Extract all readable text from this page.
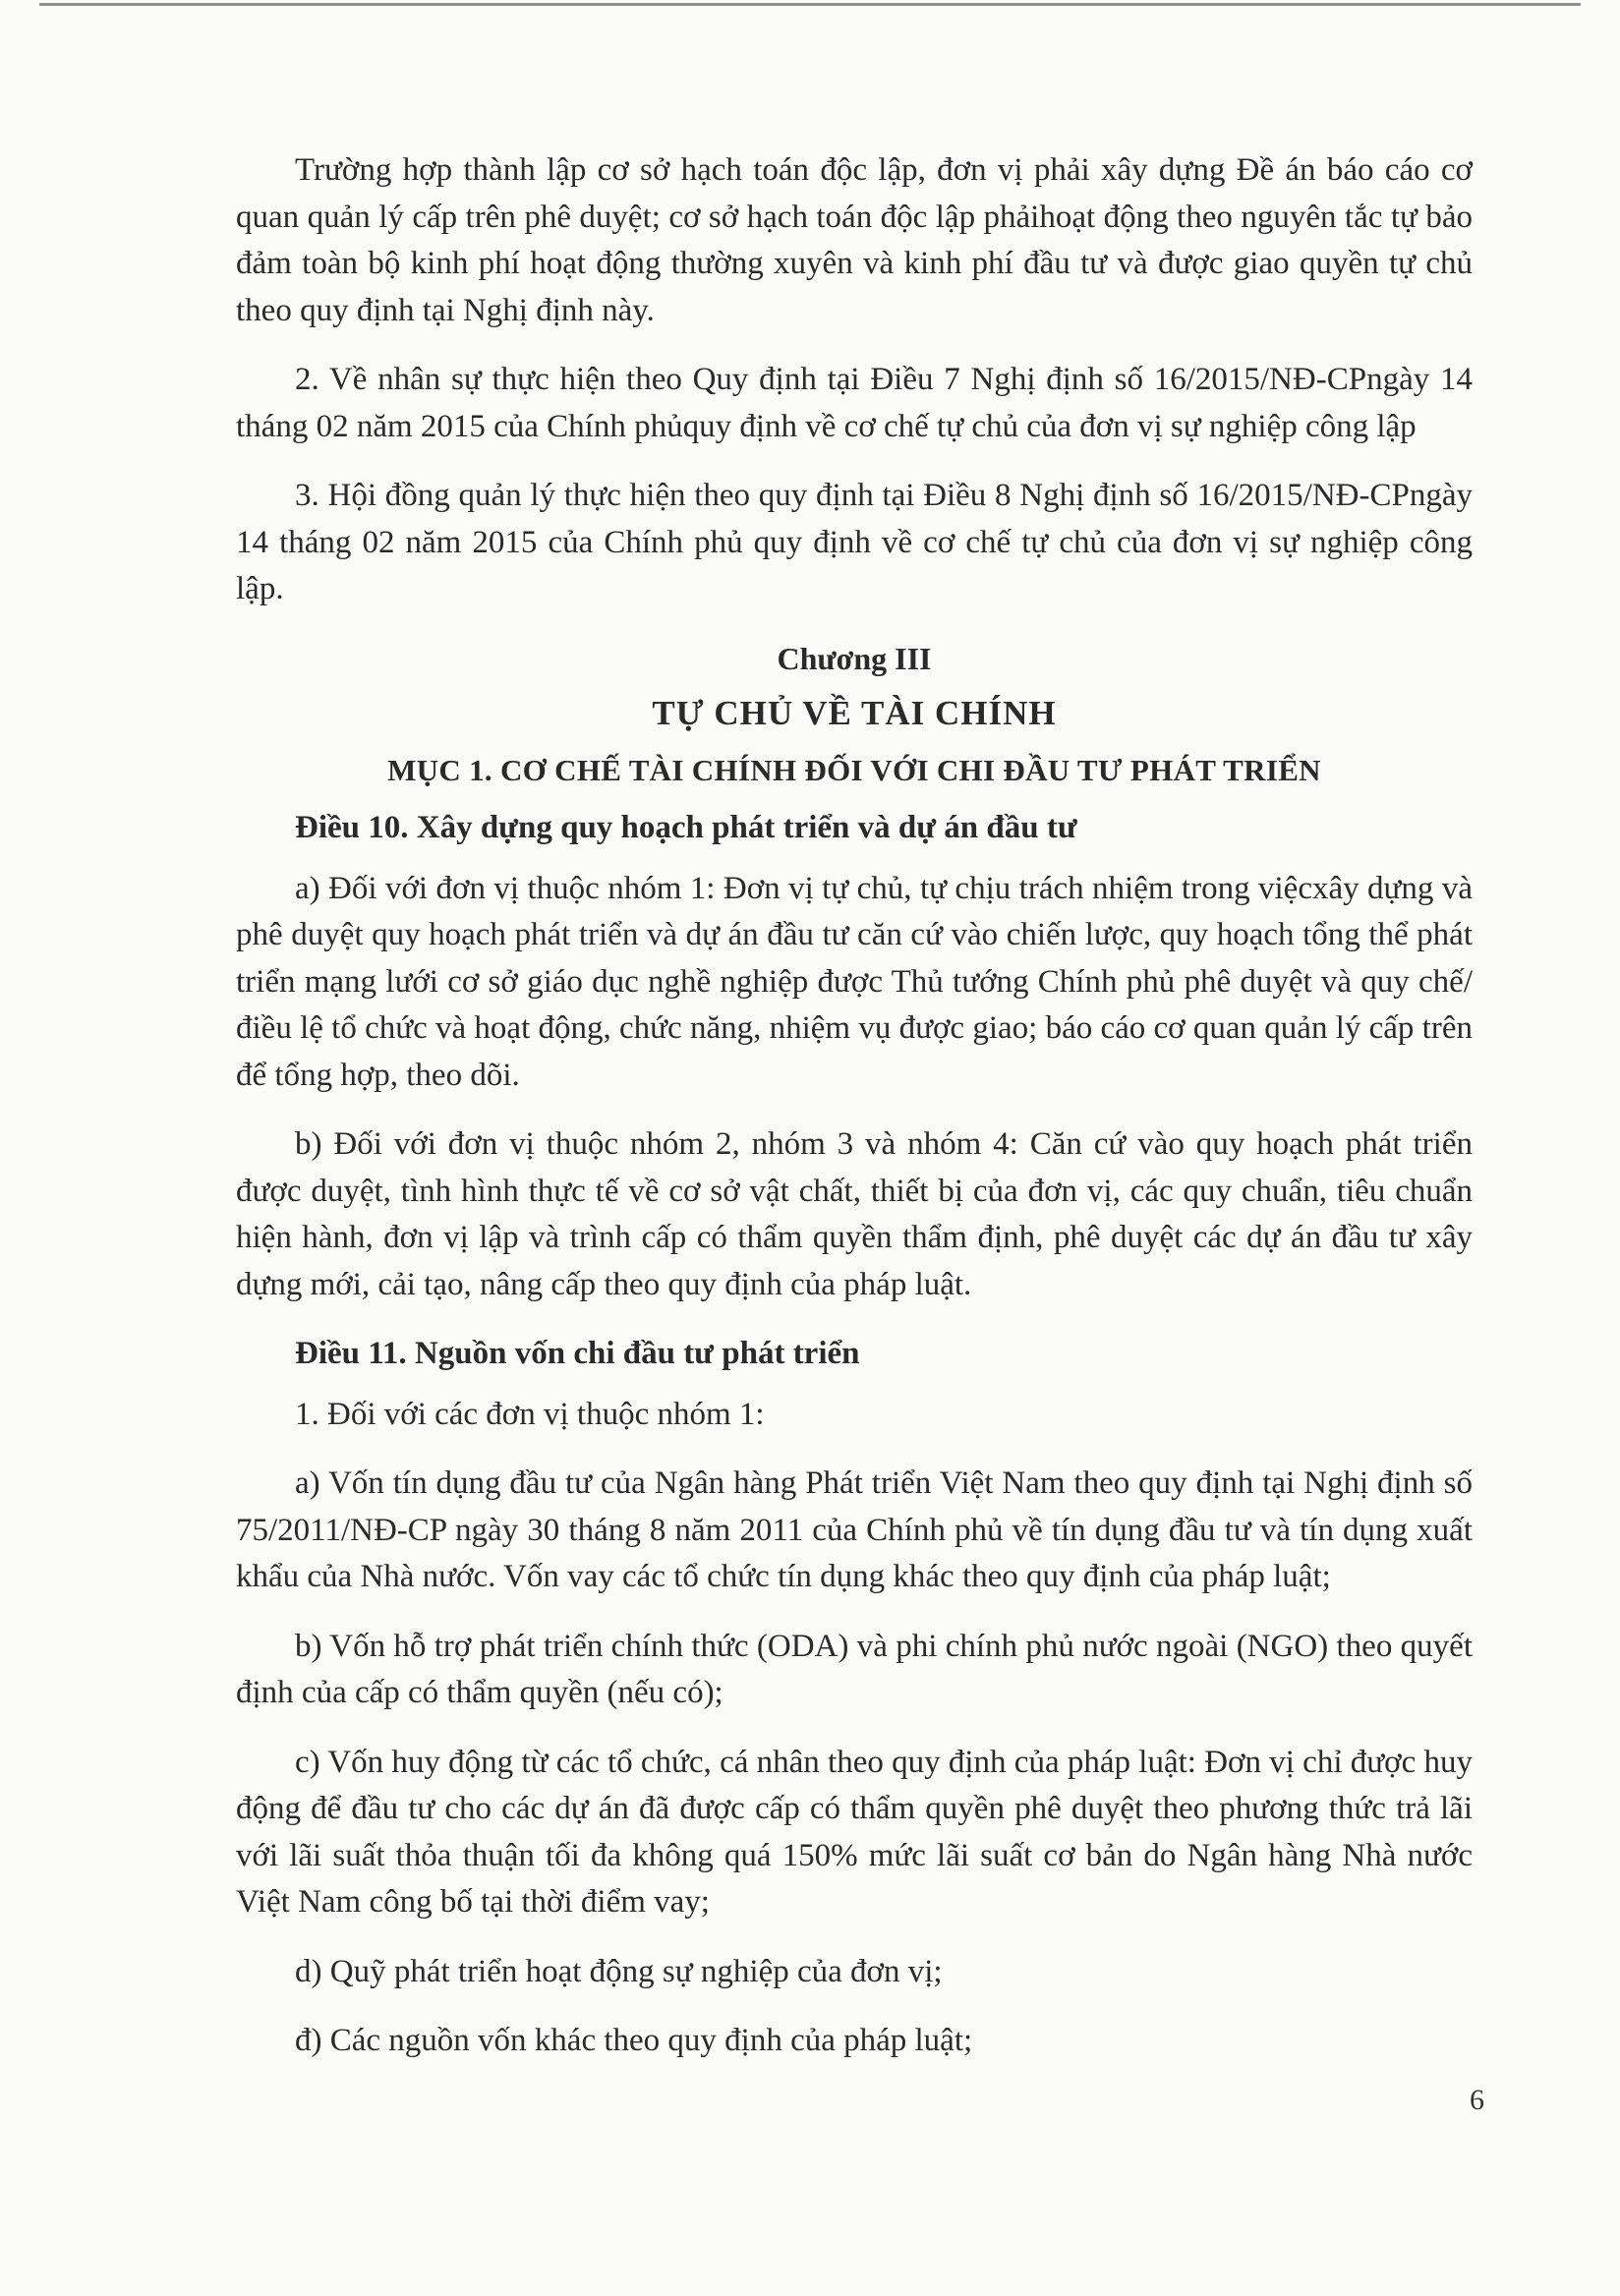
Trường hợp thành lập cơ sở hạch toán độc lập, đơn vị phải xây dựng Đề án báo cáo cơ quan quản lý cấp trên phê duyệt; cơ sở hạch toán độc lập phảihoạt động theo nguyên tắc tự bảo đảm toàn bộ kinh phí hoạt động thường xuyên và kinh phí đầu tư và được giao quyền tự chủ theo quy định tại Nghị định này.

2. Về nhân sự thực hiện theo Quy định tại Điều 7 Nghị định số 16/2015/NĐ-CPngày 14 tháng 02 năm 2015 của Chính phủquy định về cơ chế tự chủ của đơn vị sự nghiệp công lập

3. Hội đồng quản lý thực hiện theo quy định tại Điều 8 Nghị định số 16/2015/NĐ-CPngày 14 tháng 02 năm 2015 của Chính phủ quy định về cơ chế tự chủ của đơn vị sự nghiệp công lập.

Chương III

TỰ CHỦ VỀ TÀI CHÍNH

MỤC 1. CƠ CHẾ TÀI CHÍNH ĐỐI VỚI CHI ĐẦU TƯ PHÁT TRIỂN

Điều 10. Xây dựng quy hoạch phát triển và dự án đầu tư

a) Đối với đơn vị thuộc nhóm 1: Đơn vị tự chủ, tự chịu trách nhiệm trong việcxây dựng và phê duyệt quy hoạch phát triển và dự án đầu tư căn cứ vào chiến lược, quy hoạch tổng thể phát triển mạng lưới cơ sở giáo dục nghề nghiệp được Thủ tướng Chính phủ phê duyệt và quy chế/điều lệ tổ chức và hoạt động, chức năng, nhiệm vụ được giao; báo cáo cơ quan quản lý cấp trên để tổng hợp, theo dõi.

b) Đối với đơn vị thuộc nhóm 2, nhóm 3 và nhóm 4: Căn cứ vào quy hoạch phát triển được duyệt, tình hình thực tế về cơ sở vật chất, thiết bị của đơn vị, các quy chuẩn, tiêu chuẩn hiện hành, đơn vị lập và trình cấp có thẩm quyền thẩm định, phê duyệt các dự án đầu tư xây dựng mới, cải tạo, nâng cấp theo quy định của pháp luật.

Điều 11. Nguồn vốn chi đầu tư phát triển

1. Đối với các đơn vị thuộc nhóm 1:

a) Vốn tín dụng đầu tư của Ngân hàng Phát triển Việt Nam theo quy định tại Nghị định số 75/2011/NĐ-CP ngày 30 tháng 8 năm 2011 của Chính phủ về tín dụng đầu tư và tín dụng xuất khẩu của Nhà nước. Vốn vay các tổ chức tín dụng khác theo quy định của pháp luật;

b) Vốn hỗ trợ phát triển chính thức (ODA) và phi chính phủ nước ngoài (NGO) theo quyết định của cấp có thẩm quyền (nếu có);

c) Vốn huy động từ các tổ chức, cá nhân theo quy định của pháp luật: Đơn vị chỉ được huy động để đầu tư cho các dự án đã được cấp có thẩm quyền phê duyệt theo phương thức trả lãi với lãi suất thỏa thuận tối đa không quá 150% mức lãi suất cơ bản do Ngân hàng Nhà nước Việt Nam công bố tại thời điểm vay;

d) Quỹ phát triển hoạt động sự nghiệp của đơn vị;

đ) Các nguồn vốn khác theo quy định của pháp luật;

6
